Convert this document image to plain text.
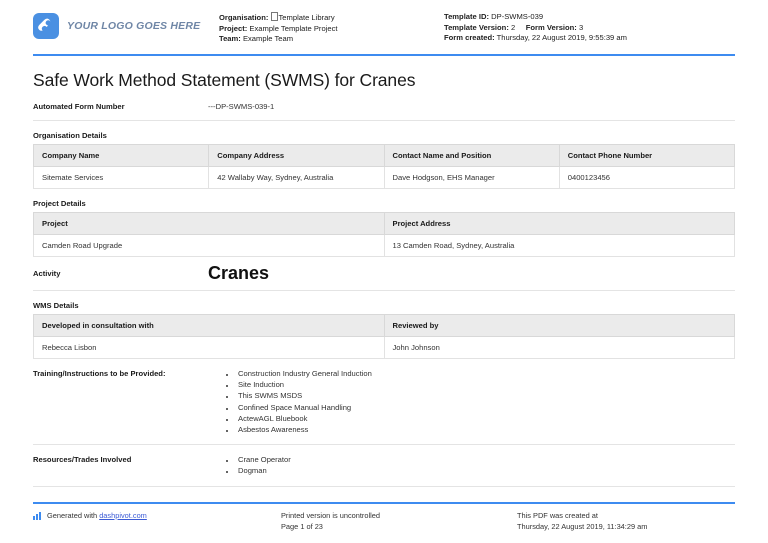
YOUR LOGO GOES HERE
Organisation: Template Library
Project: Example Template Project
Team: Example Team
Template ID: DP-SWMS-039
Template Version: 2 Form Version: 3
Form created: Thursday, 22 August 2019, 9:55:39 am
Safe Work Method Statement (SWMS) for Cranes
Automated Form Number	---DP-SWMS-039-1
Organisation Details
Company Name	Company Address	Contact Name and Position	Contact Phone Number
Sitemate Services	42 Wallaby Way, Sydney, Australia	Dave Hodgson, EHS Manager	0400123456
Project Details
Project	Project Address
Camden Road Upgrade	13 Camden Road, Sydney, Australia
Activity	Cranes
WMS Details
Developed in consultation with	Reviewed by
Rebecca Lisbon	John Johnson
Training/Instructions to be Provided:	• Construction Industry General Induction
• Site Induction
• This SWMS MSDS
• Confined Space Manual Handling
• ActewAGL Bluebook
• Asbestos Awareness
Resources/Trades Involved	• Crane Operator
• Dogman
Generated with
dashpivot.com	Printed version is uncontrolled
Page 1 of 23
This PDF was created at
Thursday, 22 August 2019, 11:34:29 am
